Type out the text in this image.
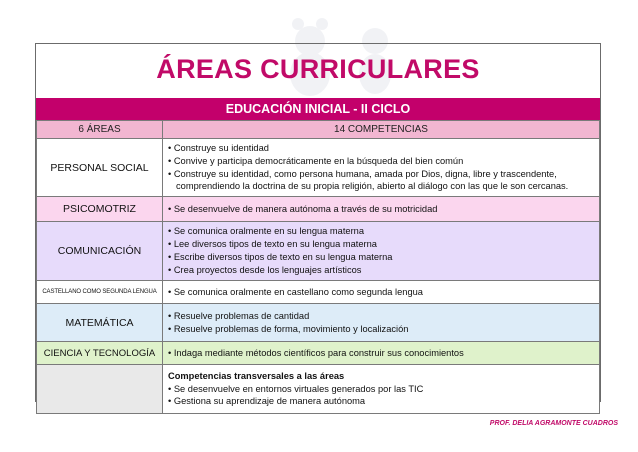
ÁREAS CURRICULARES
EDUCACIÓN INICIAL - II CICLO
6 ÁREAS	14 COMPETENCIAS
PERSONAL SOCIAL	• Construye su identidad
• Convive y participa democráticamente en la búsqueda del bien común
• Construye su identidad, como persona humana, amada por Dios, digna, libre y trascendente,
comprendiendo la doctrina de su propia religión, abierto al diálogo con las que le son cercanas.

PSICOMOTRIZ	• Se desenvuelve de manera autónoma a través de su motricidad

COMUNICACIÓN	• Se comunica oralmente en su lengua materna
• Lee diversos tipos de texto en su lengua materna
• Escribe diversos tipos de texto en su lengua materna
• Crea proyectos desde los lenguajes artísticos

CASTELLANO COMO SEGUNDA LENGUA	• Se comunica oralmente en castellano como segunda lengua

MATEMÁTICA	• Resuelve problemas de cantidad
• Resuelve problemas de forma, movimiento y localización

CIENCIA Y TECNOLOGÍA	• Indaga mediante métodos científicos para construir sus conocimientos

	Competencias transversales a las áreas
• Se desenvuelve en entornos virtuales generados por las TIC
• Gestiona su aprendizaje de manera autónoma
PROF. DELIA AGRAMONTE CUADROS
